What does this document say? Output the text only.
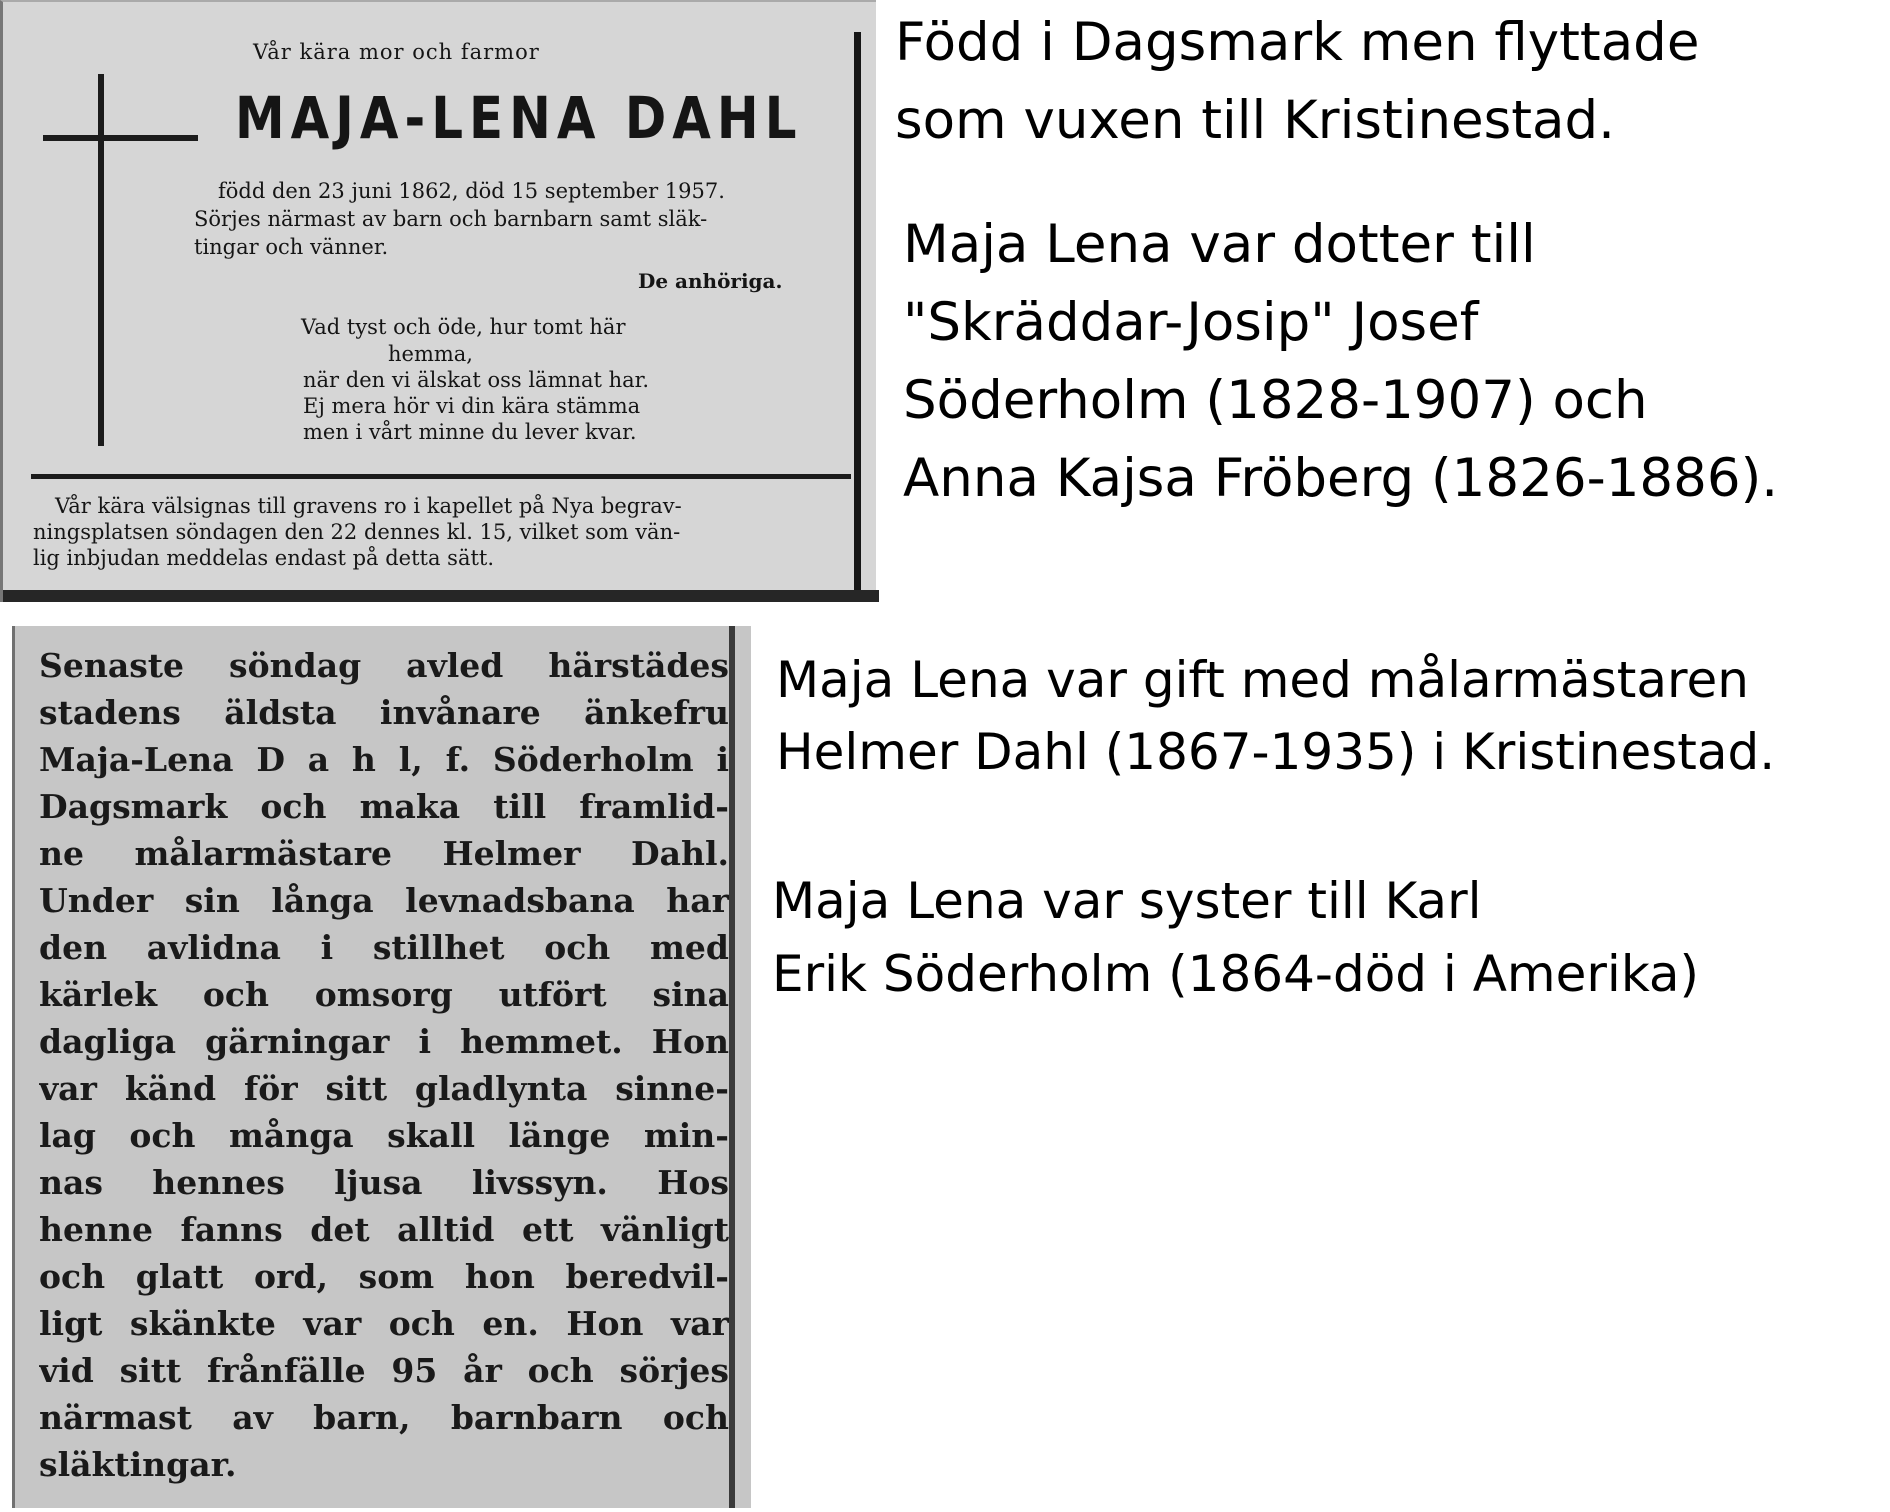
Vår kära mor och farmor
MAJA-LENA DAHL

född den 23 juni 1862, död 15 september 1957.

Sörjes närmast av barn och barnbarn samt släk-

tingar och vänner.

De anhöriga.

Vad tyst och öde, hur tomt här

hemma,

när den vi älskat oss lämnat har.

Ej mera hör vi din kära stämma

men i vårt minne du lever kvar.

Vår kära välsignas till gravens ro i kapellet på Nya begrav-

ningsplatsen söndagen den 22 dennes kl. 15, vilket som vän-

lig inbjudan meddelas endast på detta sätt.

Senaste söndag avled härstädes

stadens äldsta invånare änkefru

Maja-Lena D a h l, f. Söderholm i

Dagsmark och maka till framlid-

ne målarmästare Helmer Dahl.

Under sin långa levnadsbana har

den avlidna i stillhet och med

kärlek och omsorg utfört sina

dagliga gärningar i hemmet. Hon

var känd för sitt gladlynta sinne-

lag och många skall länge min-

nas hennes ljusa livssyn. Hos

henne fanns det alltid ett vänligt

och glatt ord, som hon beredvil-

ligt skänkte var och en. Hon var

vid sitt frånfälle 95 år och sörjes

närmast av barn, barnbarn och

släktingar.

Född i Dagsmark men flyttade

som vuxen till Kristinestad.

Maja Lena var dotter till

"Skräddar-Josip" Josef

Söderholm (1828-1907) och

Anna Kajsa Fröberg (1826-1886).

Maja Lena var gift med målarmästaren

Helmer Dahl (1867-1935) i Kristinestad.

Maja Lena var syster till Karl

Erik Söderholm (1864-död i Amerika)
